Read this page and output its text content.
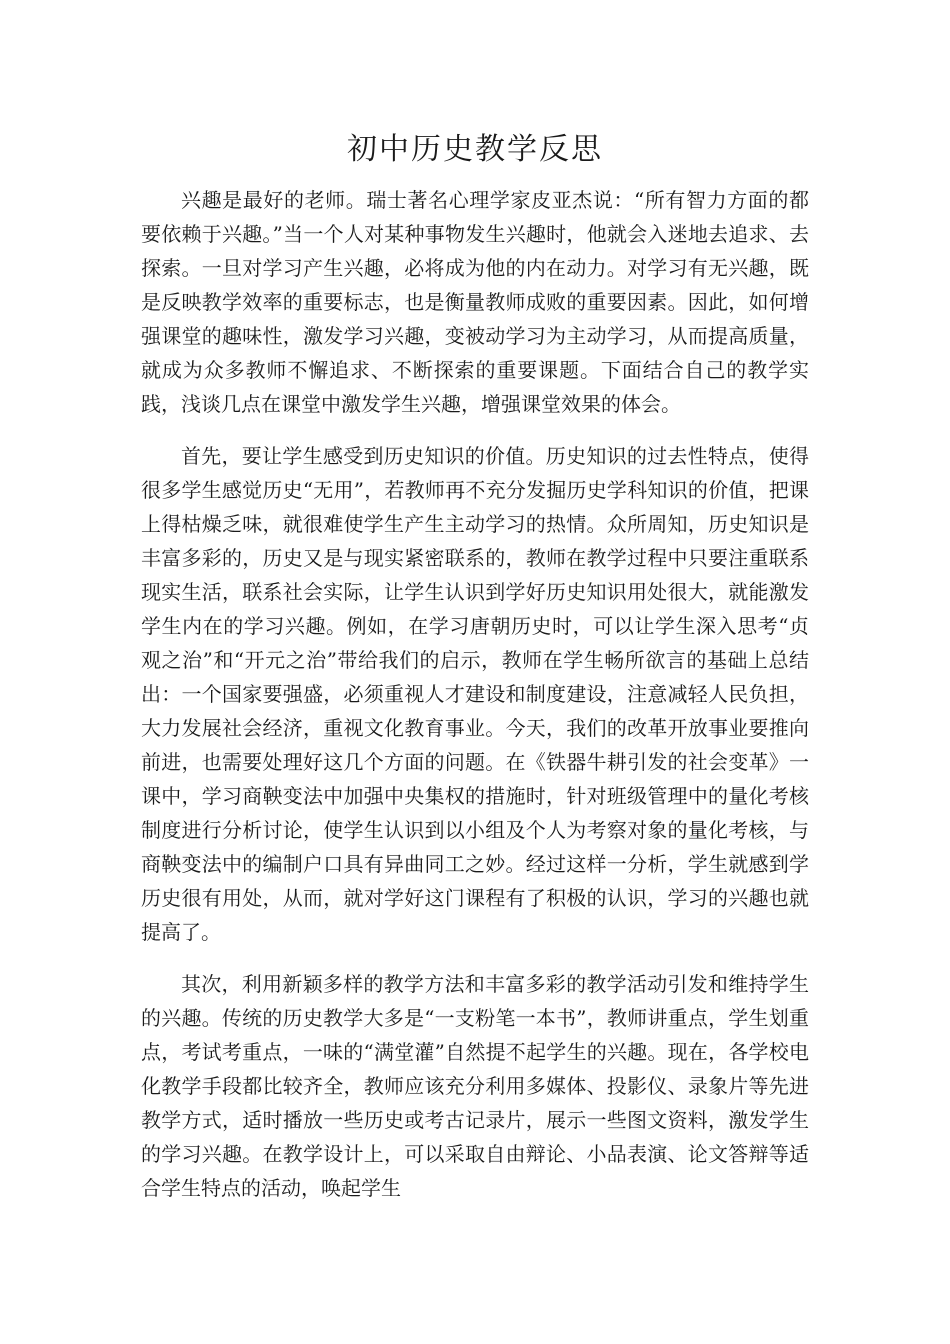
初中历史教学反思

兴趣是最好的老师。瑞士著名心理学家皮亚杰说：“所有智力方面的都要依赖于兴趣。”当一个人对某种事物发生兴趣时，他就会入迷地去追求、去探索。一旦对学习产生兴趣，必将成为他的内在动力。对学习有无兴趣，既是反映教学效率的重要标志，也是衡量教师成败的重要因素。因此，如何增强课堂的趣味性，激发学习兴趣，变被动学习为主动学习，从而提高质量，就成为众多教师不懈追求、不断探索的重要课题。下面结合自己的教学实践，浅谈几点在课堂中激发学生兴趣，增强课堂效果的体会。

首先，要让学生感受到历史知识的价值。历史知识的过去性特点，使得很多学生感觉历史“无用”，若教师再不充分发掘历史学科知识的价值，把课上得枯燥乏味，就很难使学生产生主动学习的热情。众所周知，历史知识是丰富多彩的，历史又是与现实紧密联系的，教师在教学过程中只要注重联系现实生活，联系社会实际，让学生认识到学好历史知识用处很大，就能激发学生内在的学习兴趣。例如，在学习唐朝历史时，可以让学生深入思考“贞观之治”和“开元之治”带给我们的启示，教师在学生畅所欲言的基础上总结出：一个国家要强盛，必须重视人才建设和制度建设，注意减轻人民负担，大力发展社会经济，重视文化教育事业。今天，我们的改革开放事业要推向前进，也需要处理好这几个方面的问题。在《铁器牛耕引发的社会变革》一课中，学习商鞅变法中加强中央集权的措施时，针对班级管理中的量化考核制度进行分析讨论，使学生认识到以小组及个人为考察对象的量化考核，与商鞅变法中的编制户口具有异曲同工之妙。经过这样一分析，学生就感到学历史很有用处，从而，就对学好这门课程有了积极的认识，学习的兴趣也就提高了。

其次，利用新颖多样的教学方法和丰富多彩的教学活动引发和维持学生的兴趣。传统的历史教学大多是“一支粉笔一本书”，教师讲重点，学生划重点，考试考重点，一味的“满堂灌”自然提不起学生的兴趣。现在，各学校电化教学手段都比较齐全，教师应该充分利用多媒体、投影仪、录象片等先进教学方式，适时播放一些历史或考古记录片，展示一些图文资料，激发学生的学习兴趣。在教学设计上，可以采取自由辩论、小品表演、论文答辩等适合学生特点的活动，唤起学生
